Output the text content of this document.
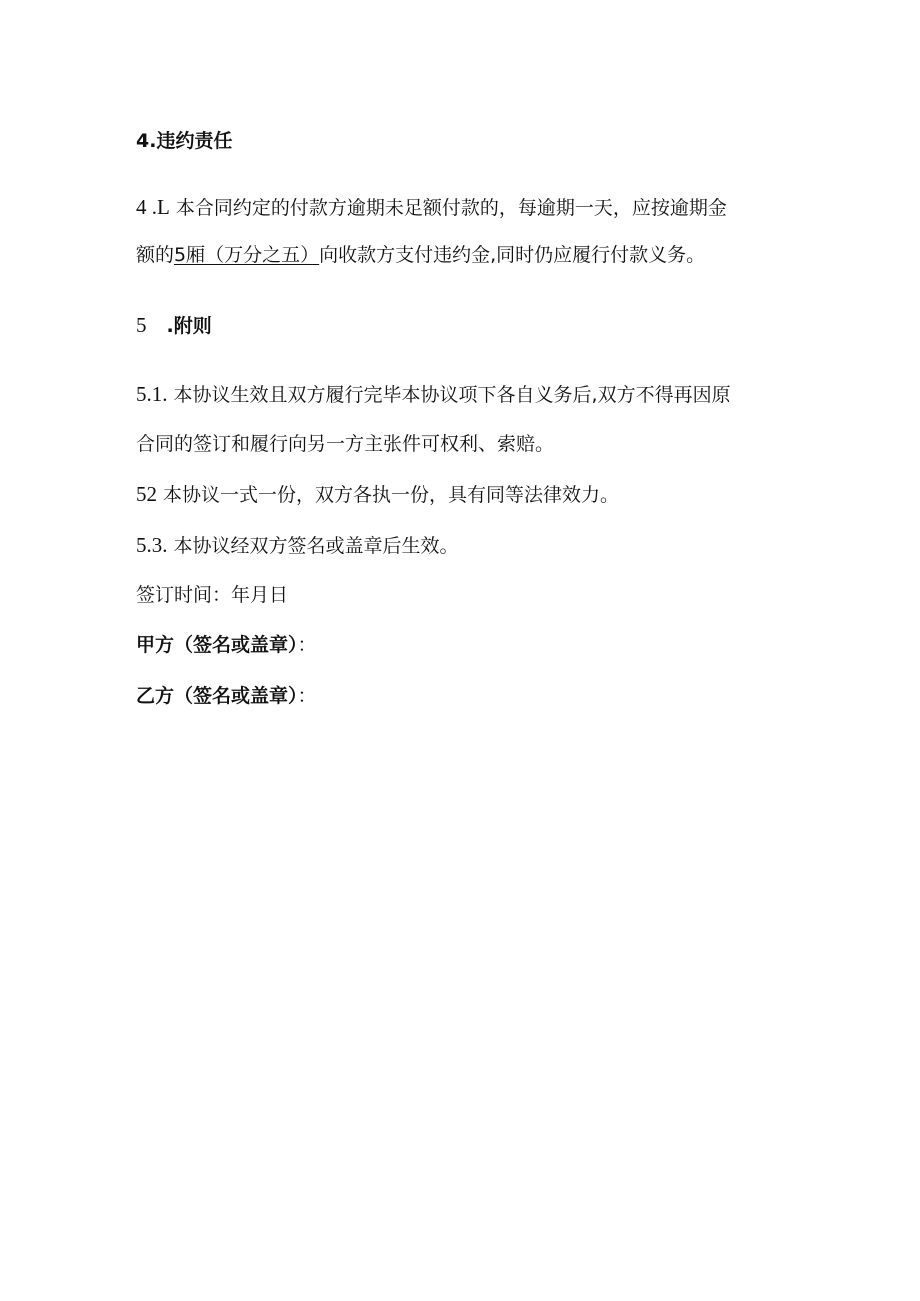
4.违约责任
4 .L 本合同约定的付款方逾期未足额付款的，每逾期一天，应按逾期金
额的5厢（万分之五）向收款方支付违约金,同时仍应履行付款义务。
5 .附则
5.1. 本协议生效且双方履行完毕本协议项下各自义务后,双方不得再因原
合同的签订和履行向另一方主张件可权利、索赔。
52 本协议一式一份，双方各执一份，具有同等法律效力。
5.3. 本协议经双方签名或盖章后生效。
签订时间：年月日
甲方（签名或盖章）：
乙方（签名或盖章）：
